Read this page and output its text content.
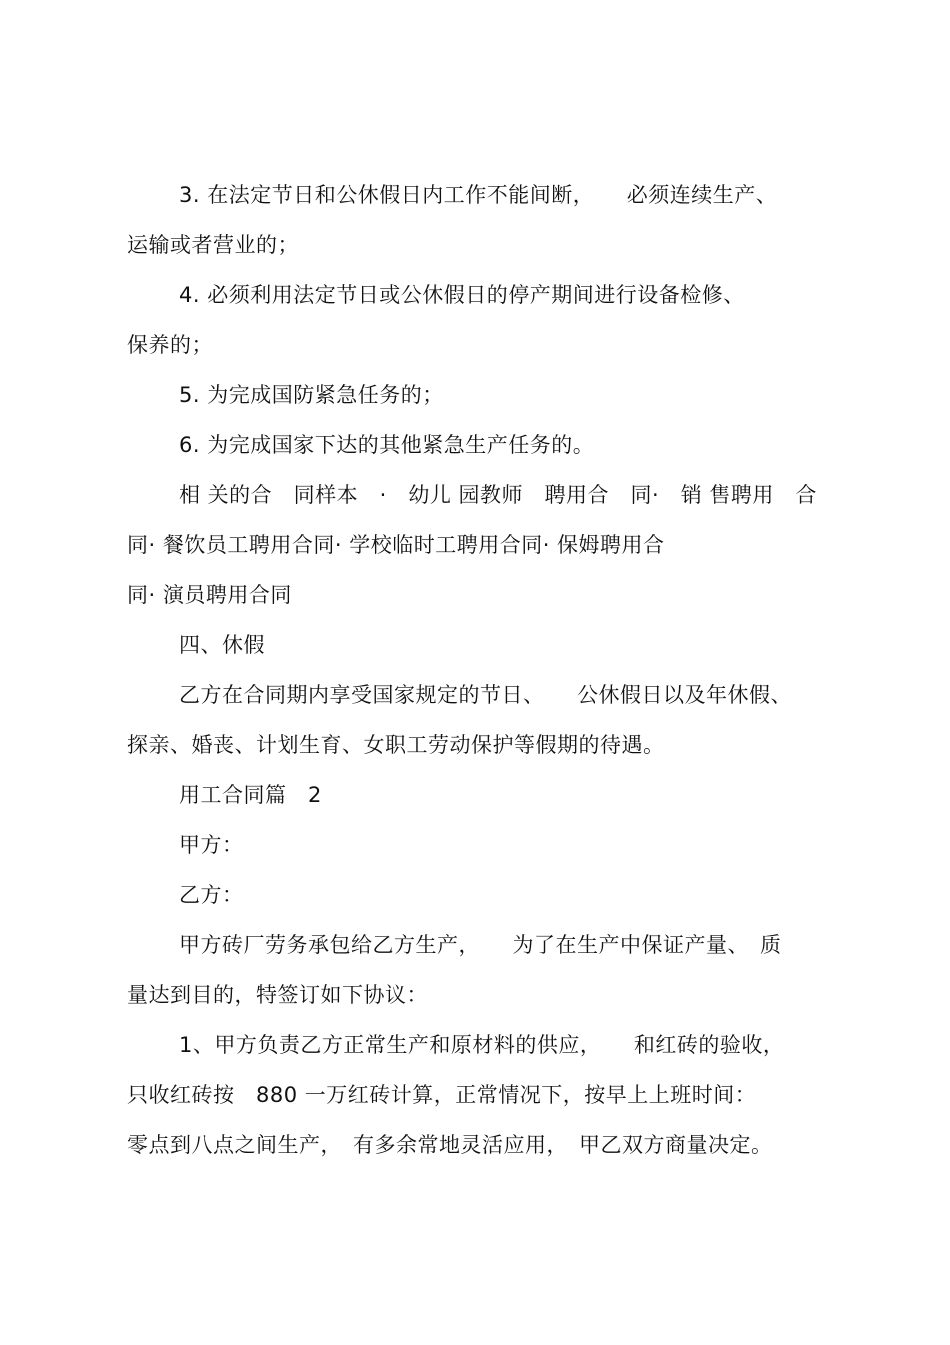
3. 在法定节日和公休假日内工作不能间断，　　必须连续生产、
运输或者营业的；
4. 必须利用法定节日或公休假日的停产期间进行设备检修、
保养的；
5. 为完成国防紧急任务的；
6. 为完成国家下达的其他紧急生产任务的。
相 关的合　同样本　·　幼儿 园教师　聘用合　同·　销 售聘用　合
同· 餐饮员工聘用合同· 学校临时工聘用合同· 保姆聘用合
同· 演员聘用合同
四、休假
乙方在合同期内享受国家规定的节日、　　公休假日以及年休假、
探亲、婚丧、计划生育、女职工劳动保护等假期的待遇。
用工合同篇　2
甲方：
乙方：
甲方砖厂劳务承包给乙方生产，　　为了在生产中保证产量、　质
量达到目的，特签订如下协议：
1、甲方负责乙方正常生产和原材料的供应，　　和红砖的验收，
只收红砖按　880 一万红砖计算，正常情况下，按早上上班时间：
零点到八点之间生产，　有多余常地灵活应用，　甲乙双方商量决定。
